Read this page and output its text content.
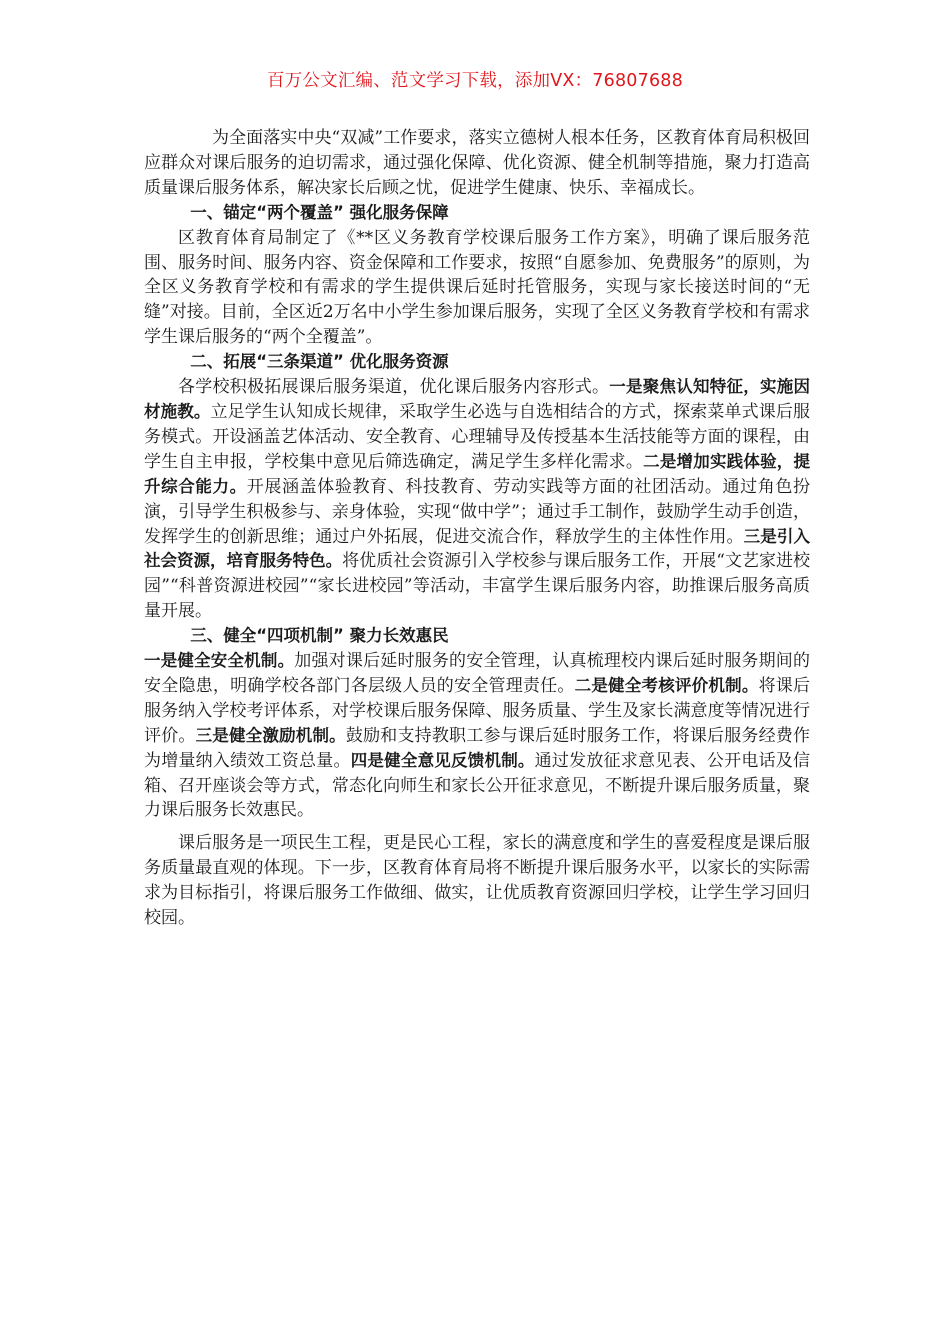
百万公文汇编、范文学习下载，添加VX：76807688

为全面落实中央“双减”工作要求，落实立德树人根本任务，区教育体育局积极回应群众对课后服务的迫切需求，通过强化保障、优化资源、健全机制等措施，聚力打造高质量课后服务体系，解决家长后顾之忧，促进学生健康、快乐、幸福成长。

一、锚定“两个覆盖” 强化服务保障

区教育体育局制定了《**区义务教育学校课后服务工作方案》，明确了课后服务范围、服务时间、服务内容、资金保障和工作要求，按照“自愿参加、免费服务”的原则，为全区义务教育学校和有需求的学生提供课后延时托管服务，实现与家长接送时间的“无缝”对接。目前，全区近2万名中小学生参加课后服务，实现了全区义务教育学校和有需求学生课后服务的“两个全覆盖”。

二、拓展“三条渠道” 优化服务资源

各学校积极拓展课后服务渠道，优化课后服务内容形式。一是聚焦认知特征，实施因材施教。立足学生认知成长规律，采取学生必选与自选相结合的方式，探索菜单式课后服务模式。开设涵盖艺体活动、安全教育、心理辅导及传授基本生活技能等方面的课程，由学生自主申报，学校集中意见后筛选确定，满足学生多样化需求。二是增加实践体验，提升综合能力。开展涵盖体验教育、科技教育、劳动实践等方面的社团活动。通过角色扮演，引导学生积极参与、亲身体验，实现“做中学”；通过手工制作，鼓励学生动手创造，发挥学生的创新思维；通过户外拓展，促进交流合作，释放学生的主体性作用。三是引入社会资源，培育服务特色。将优质社会资源引入学校参与课后服务工作，开展“文艺家进校园”“科普资源进校园”“家长进校园”等活动，丰富学生课后服务内容，助推课后服务高质量开展。

三、健全“四项机制” 聚力长效惠民

一是健全安全机制。加强对课后延时服务的安全管理，认真梳理校内课后延时服务期间的安全隐患，明确学校各部门各层级人员的安全管理责任。二是健全考核评价机制。将课后服务纳入学校考评体系，对学校课后服务保障、服务质量、学生及家长满意度等情况进行评价。三是健全激励机制。鼓励和支持教职工参与课后延时服务工作，将课后服务经费作为增量纳入绩效工资总量。四是健全意见反馈机制。通过发放征求意见表、公开电话及信箱、召开座谈会等方式，常态化向师生和家长公开征求意见，不断提升课后服务质量，聚力课后服务长效惠民。

课后服务是一项民生工程，更是民心工程，家长的满意度和学生的喜爱程度是课后服务质量最直观的体现。下一步，区教育体育局将不断提升课后服务水平，以家长的实际需求为目标指引，将课后服务工作做细、做实，让优质教育资源回归学校，让学生学习回归校园。
